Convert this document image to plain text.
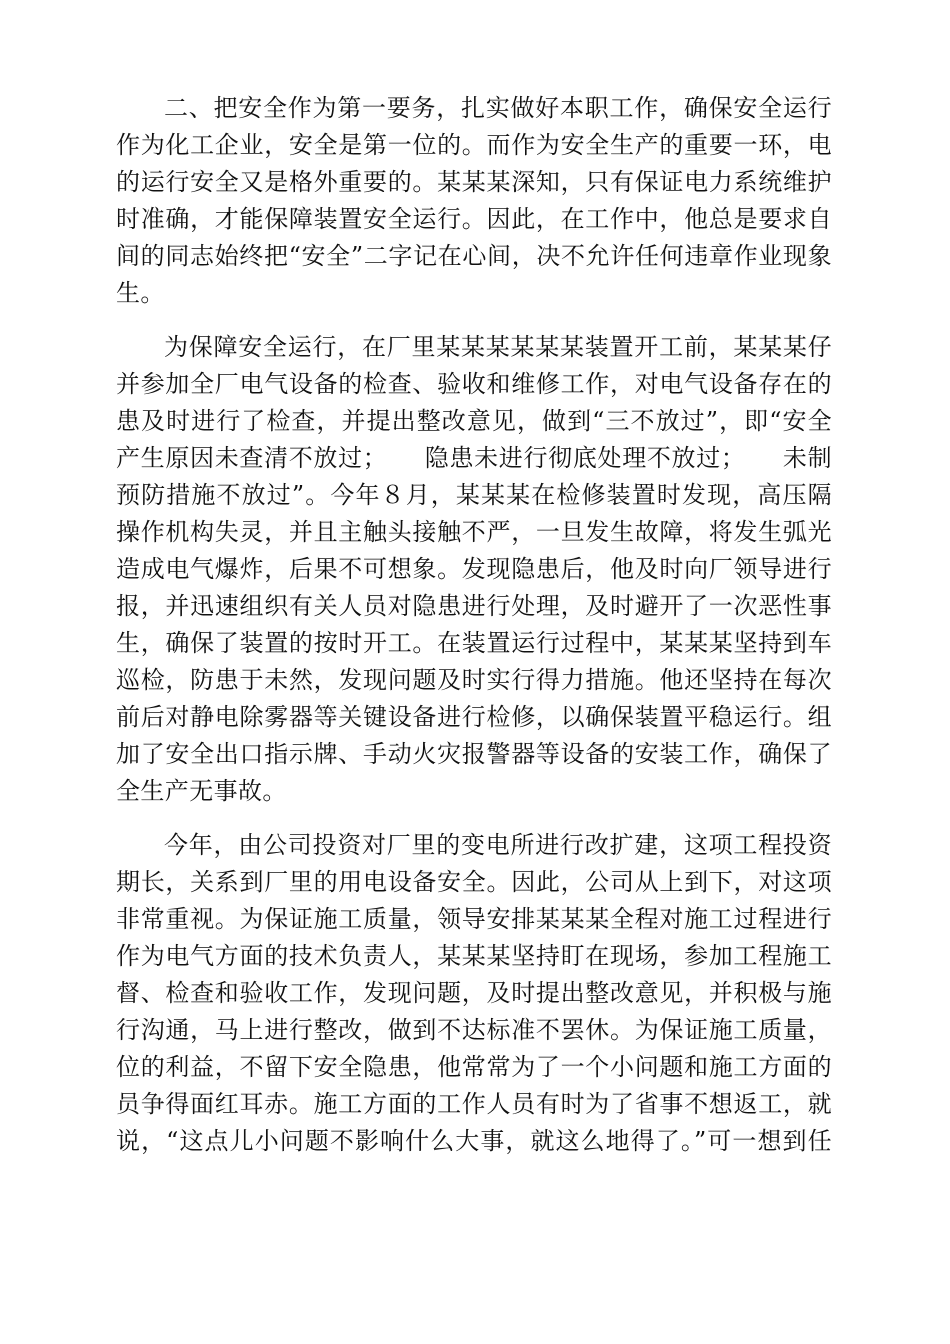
二、把安全作为第一要务，扎实做好本职工作，确保安全运行
作为化工企业，安全是第一位的。而作为安全生产的重要一环，电
的运行安全又是格外重要的。某某某深知，只有保证电力系统维护
时准确，才能保障装置安全运行。因此，在工作中，他总是要求自
间的同志始终把“安全”二字记在心间，决不允许任何违章作业现象
生。
为保障安全运行，在厂里某某某某某某装置开工前，某某某仔
并参加全厂电气设备的检查、验收和维修工作，对电气设备存在的
患及时进行了检查，并提出整改意见，做到“三不放过”，即“安全
产生原因未查清不放过；　　隐患未进行彻底处理不放过；　　未制
预防措施不放过”。今年８月，某某某在检修装置时发现，高压隔
操作机构失灵，并且主触头接触不严，一旦发生故障，将发生弧光
造成电气爆炸，后果不可想象。发现隐患后，他及时向厂领导进行
报，并迅速组织有关人员对隐患进行处理，及时避开了一次恶性事
生，确保了装置的按时开工。在装置运行过程中，某某某坚持到车
巡检，防患于未然，发现问题及时实行得力措施。他还坚持在每次
前后对静电除雾器等关键设备进行检修，以确保装置平稳运行。组
加了安全出口指示牌、手动火灾报警器等设备的安装工作，确保了
全生产无事故。
今年，由公司投资对厂里的变电所进行改扩建，这项工程投资
期长，关系到厂里的用电设备安全。因此，公司从上到下，对这项
非常重视。为保证施工质量，领导安排某某某全程对施工过程进行
作为电气方面的技术负责人，某某某坚持盯在现场，参加工程施工
督、检查和验收工作，发现问题，及时提出整改意见，并积极与施
行沟通，马上进行整改，做到不达标准不罢休。为保证施工质量，
位的利益，不留下安全隐患，他常常为了一个小问题和施工方面的
员争得面红耳赤。施工方面的工作人员有时为了省事不想返工，就
说，“这点儿小问题不影响什么大事，就这么地得了。”可一想到任
